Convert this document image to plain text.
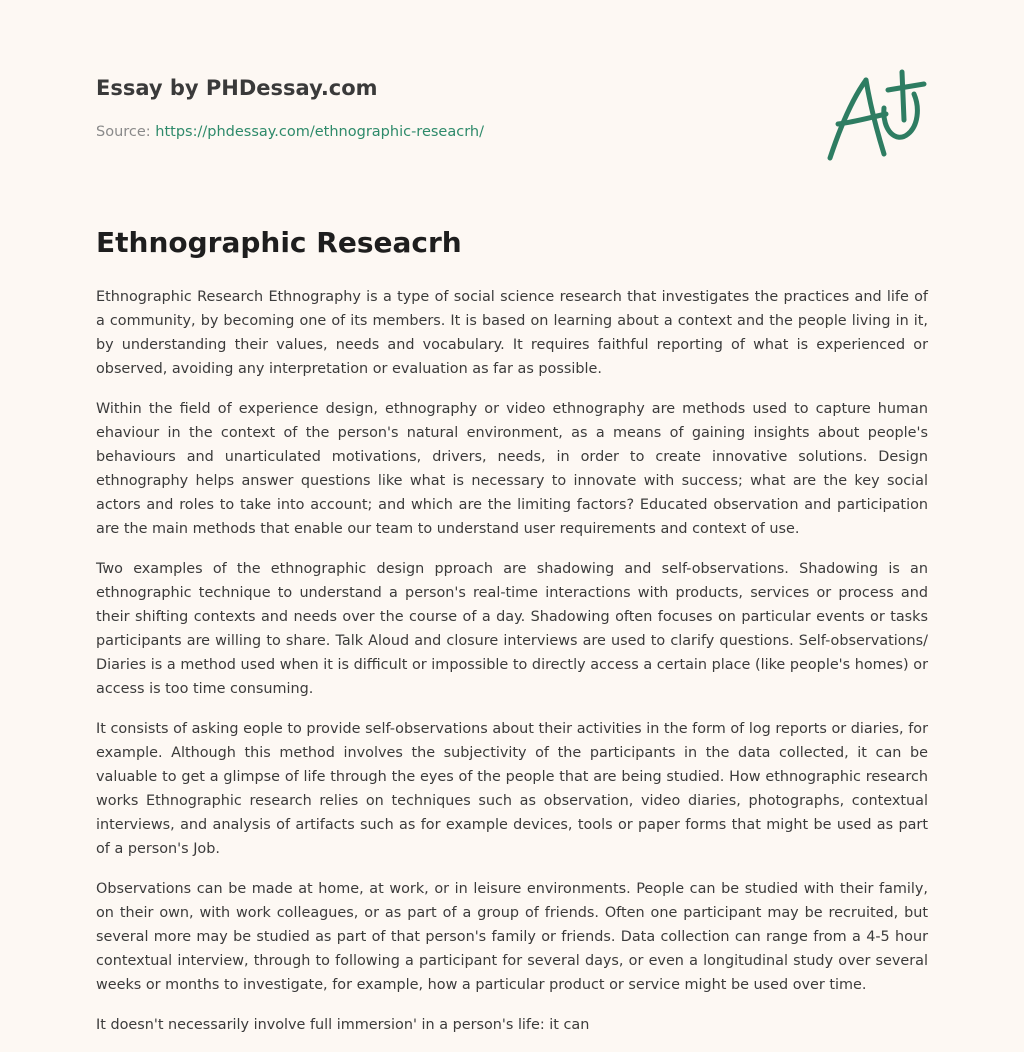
Essay by PHDessay.com
Source: https://phdessay.com/ethnographic-reseacrh/
Ethnographic Reseacrh

Ethnographic Research Ethnography is a type of social science research that investigates the practices and life of a community, by becoming one of its members. It is based on learning about a context and the people living in it, by understanding their values, needs and vocabulary. It requires faithful reporting of what is experienced or observed, avoiding any interpretation or evaluation as far as possible.

Within the field of experience design, ethnography or video ethnography are methods used to capture human ehaviour in the context of the person's natural environment, as a means of gaining insights about people's behaviours and unarticulated motivations, drivers, needs, in order to create innovative solutions. Design ethnography helps answer questions like what is necessary to innovate with success; what are the key social actors and roles to take into account; and which are the limiting factors? Educated observation and participation are the main methods that enable our team to understand user requirements and context of use.

Two examples of the ethnographic design pproach are shadowing and self-observations. Shadowing is an ethnographic technique to understand a person's real-time interactions with products, services or process and their shifting contexts and needs over the course of a day. Shadowing often focuses on particular events or tasks participants are willing to share. Talk Aloud and closure interviews are used to clarify questions. Self-observations/ Diaries is a method used when it is difficult or impossible to directly access a certain place (like people's homes) or access is too time consuming.

It consists of asking eople to provide self-observations about their activities in the form of log reports or diaries, for example. Although this method involves the subjectivity of the participants in the data collected, it can be valuable to get a glimpse of life through the eyes of the people that are being studied. How ethnographic research works Ethnographic research relies on techniques such as observation, video diaries, photographs, contextual interviews, and analysis of artifacts such as for example devices, tools or paper forms that might be used as part of a person's Job.

Observations can be made at home, at work, or in leisure environments. People can be studied with their family, on their own, with work colleagues, or as part of a group of friends. Often one participant may be recruited, but several more may be studied as part of that person's family or friends. Data collection can range from a 4-5 hour contextual interview, through to following a participant for several days, or even a longitudinal study over several weeks or months to investigate, for example, how a particular product or service might be used over time.

It doesn't necessarily involve full immersion' in a person's life: it can
